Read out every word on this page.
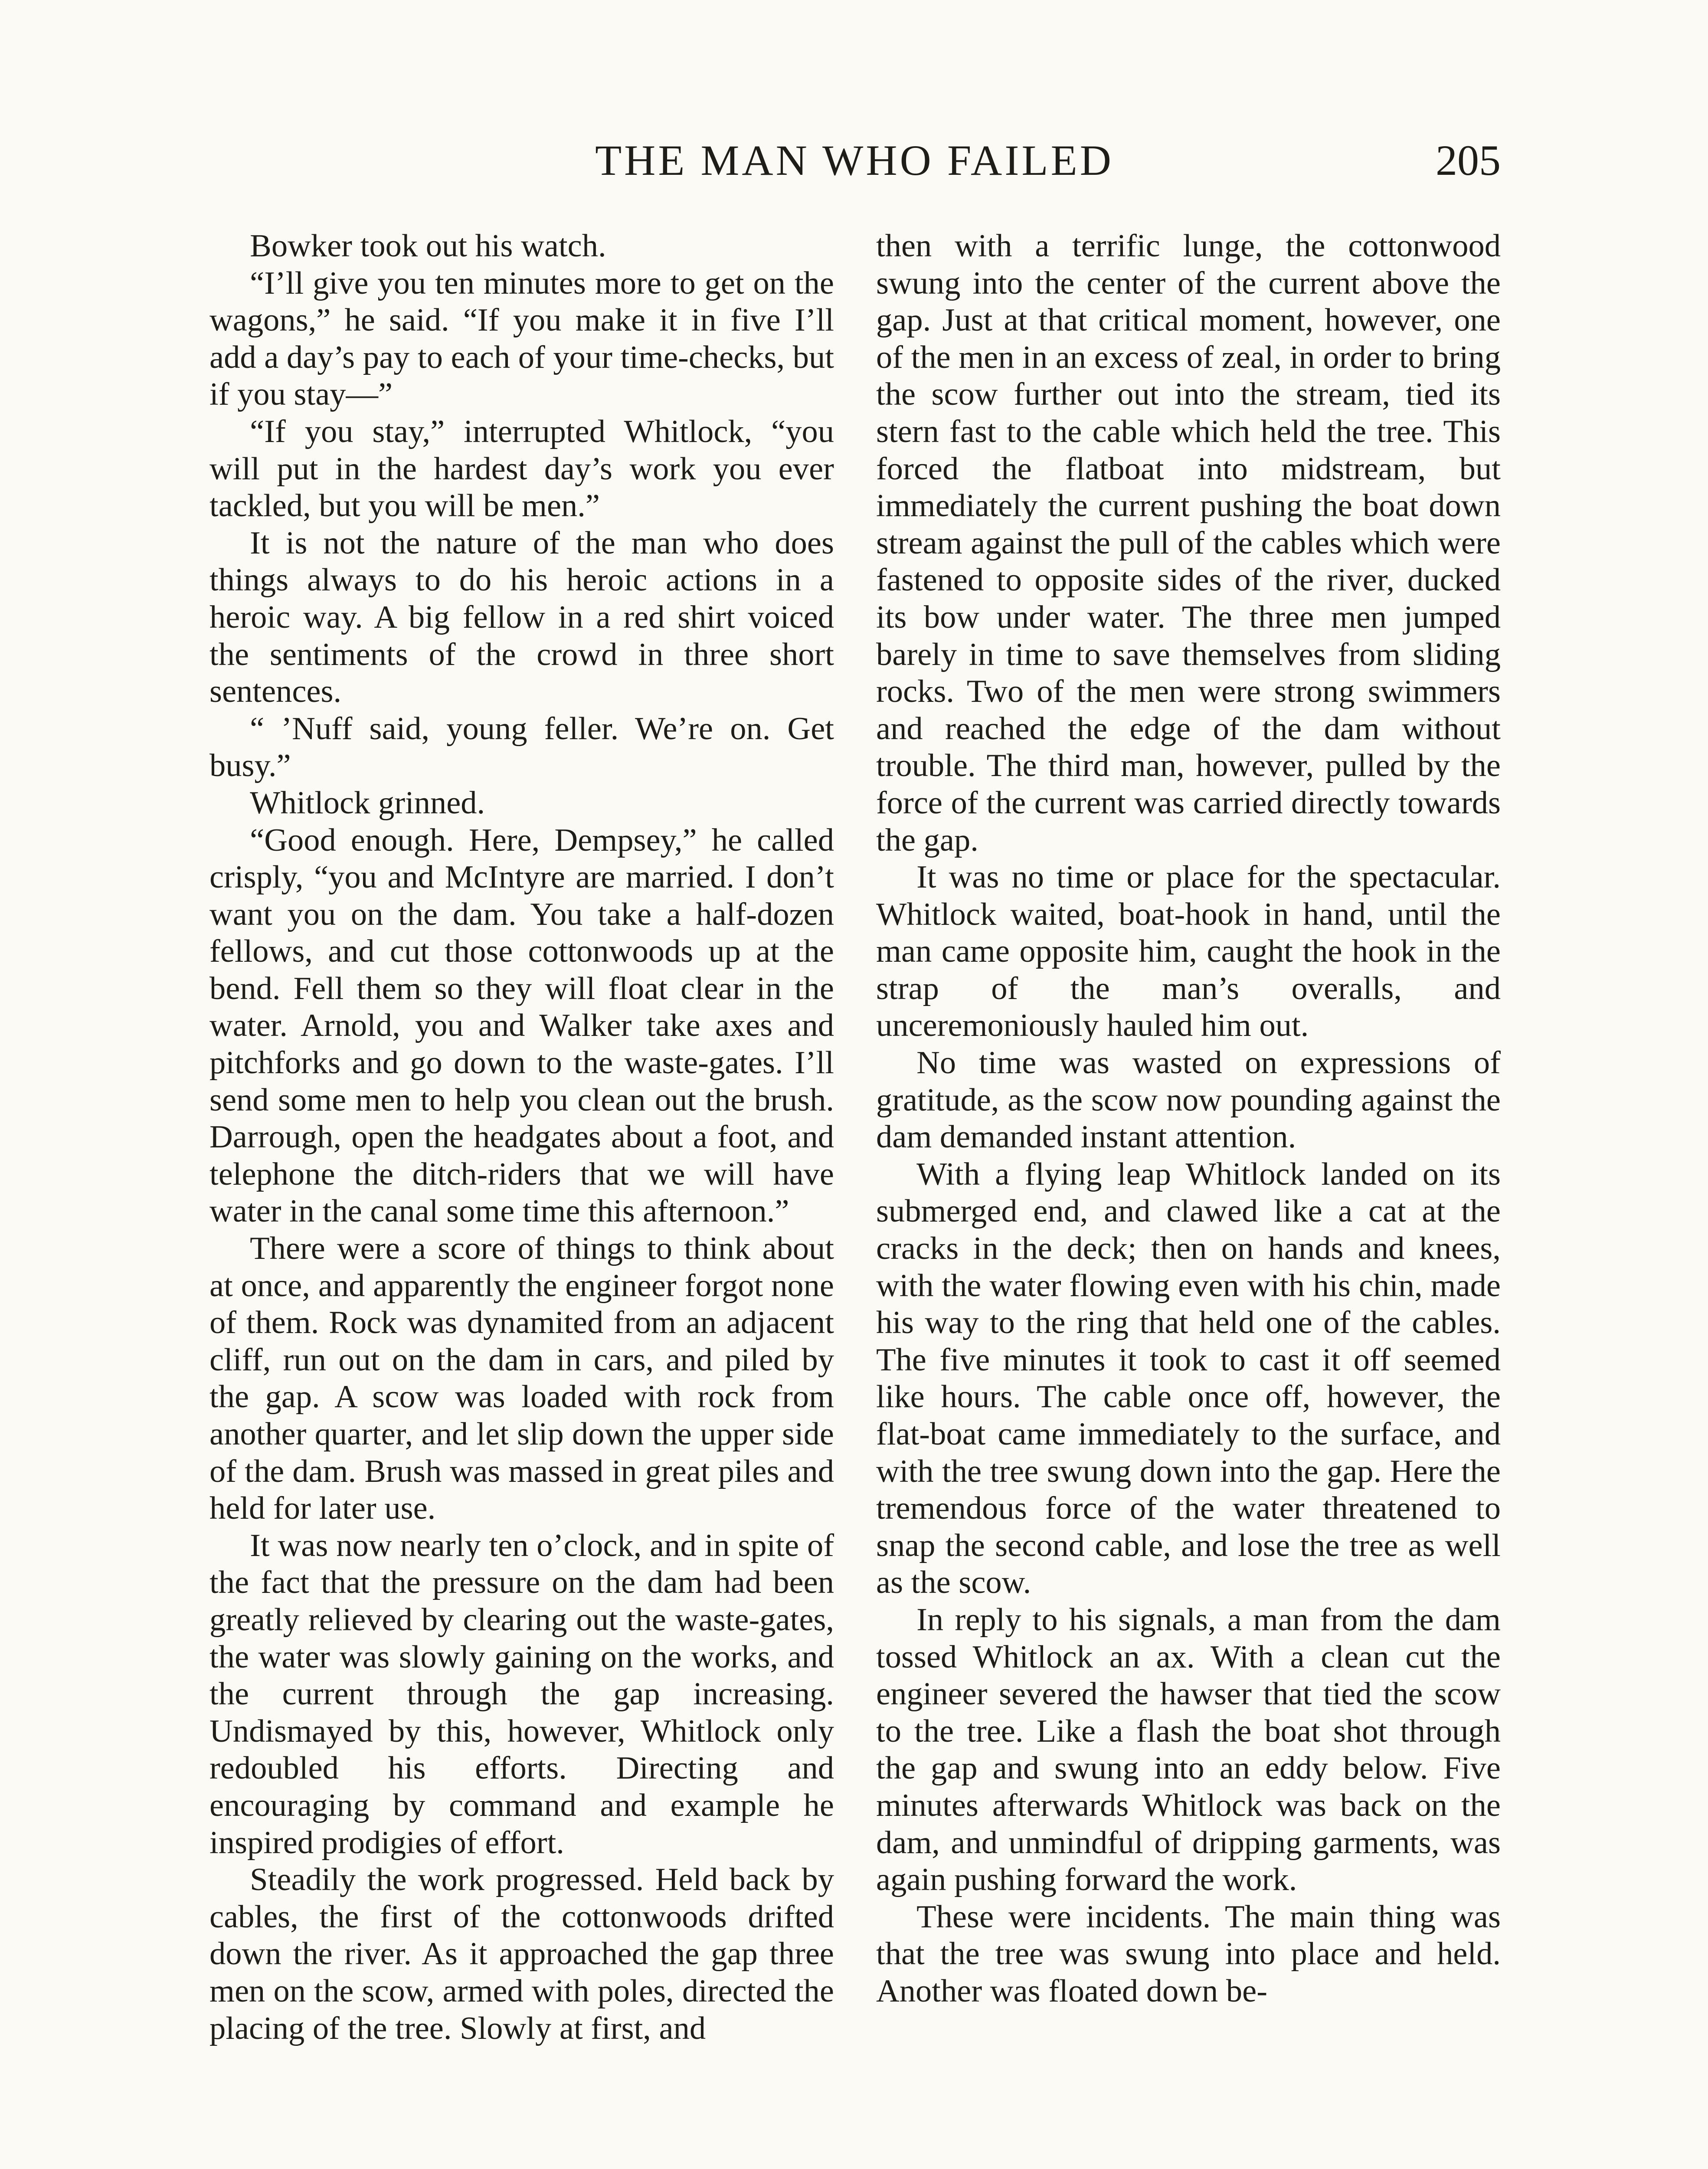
THE MAN WHO FAILED	205

Bowker took out his watch.

“I’ll give you ten minutes more to get on the wagons,” he said. “If you make it in five I’ll add a day’s pay to each of your time-checks, but if you stay—”

“If you stay,” interrupted Whitlock, “you will put in the hardest day’s work you ever tackled, but you will be men.”

It is not the nature of the man who does things always to do his heroic actions in a heroic way. A big fellow in a red shirt voiced the sentiments of the crowd in three short sentences.

“ ’Nuff said, young feller. We’re on. Get busy.”

Whitlock grinned.

“Good enough. Here, Dempsey,” he called crisply, “you and McIntyre are married. I don’t want you on the dam. You take a half-dozen fellows, and cut those cottonwoods up at the bend. Fell them so they will float clear in the water. Arnold, you and Walker take axes and pitchforks and go down to the waste-gates. I’ll send some men to help you clean out the brush. Darrough, open the headgates about a foot, and telephone the ditch-riders that we will have water in the canal some time this afternoon.”

There were a score of things to think about at once, and apparently the engineer forgot none of them. Rock was dynamited from an adjacent cliff, run out on the dam in cars, and piled by the gap. A scow was loaded with rock from another quarter, and let slip down the upper side of the dam. Brush was massed in great piles and held for later use.

It was now nearly ten o’clock, and in spite of the fact that the pressure on the dam had been greatly relieved by clearing out the waste-gates, the water was slowly gaining on the works, and the current through the gap increasing. Undismayed by this, however, Whitlock only redoubled his efforts. Directing and encouraging by command and example he inspired prodigies of effort.

Steadily the work progressed. Held back by cables, the first of the cottonwoods drifted down the river. As it approached the gap three men on the scow, armed with poles, directed the placing of the tree. Slowly at first, and

then with a terrific lunge, the cottonwood swung into the center of the current above the gap. Just at that critical moment, however, one of the men in an excess of zeal, in order to bring the scow further out into the stream, tied its stern fast to the cable which held the tree. This forced the flatboat into midstream, but immediately the current pushing the boat down stream against the pull of the cables which were fastened to opposite sides of the river, ducked its bow under water. The three men jumped barely in time to save themselves from sliding rocks. Two of the men were strong swimmers and reached the edge of the dam without trouble. The third man, however, pulled by the force of the current was carried directly towards the gap.

It was no time or place for the spectacular. Whitlock waited, boat-hook in hand, until the man came opposite him, caught the hook in the strap of the man’s overalls, and unceremoniously hauled him out.

No time was wasted on expressions of gratitude, as the scow now pounding against the dam demanded instant attention.

With a flying leap Whitlock landed on its submerged end, and clawed like a cat at the cracks in the deck; then on hands and knees, with the water flowing even with his chin, made his way to the ring that held one of the cables. The five minutes it took to cast it off seemed like hours. The cable once off, however, the flat-boat came immediately to the surface, and with the tree swung down into the gap. Here the tremendous force of the water threatened to snap the second cable, and lose the tree as well as the scow.

In reply to his signals, a man from the dam tossed Whitlock an ax. With a clean cut the engineer severed the hawser that tied the scow to the tree. Like a flash the boat shot through the gap and swung into an eddy below. Five minutes afterwards Whitlock was back on the dam, and unmindful of dripping garments, was again pushing forward the work.

These were incidents. The main thing was that the tree was swung into place and held. Another was floated down be-
